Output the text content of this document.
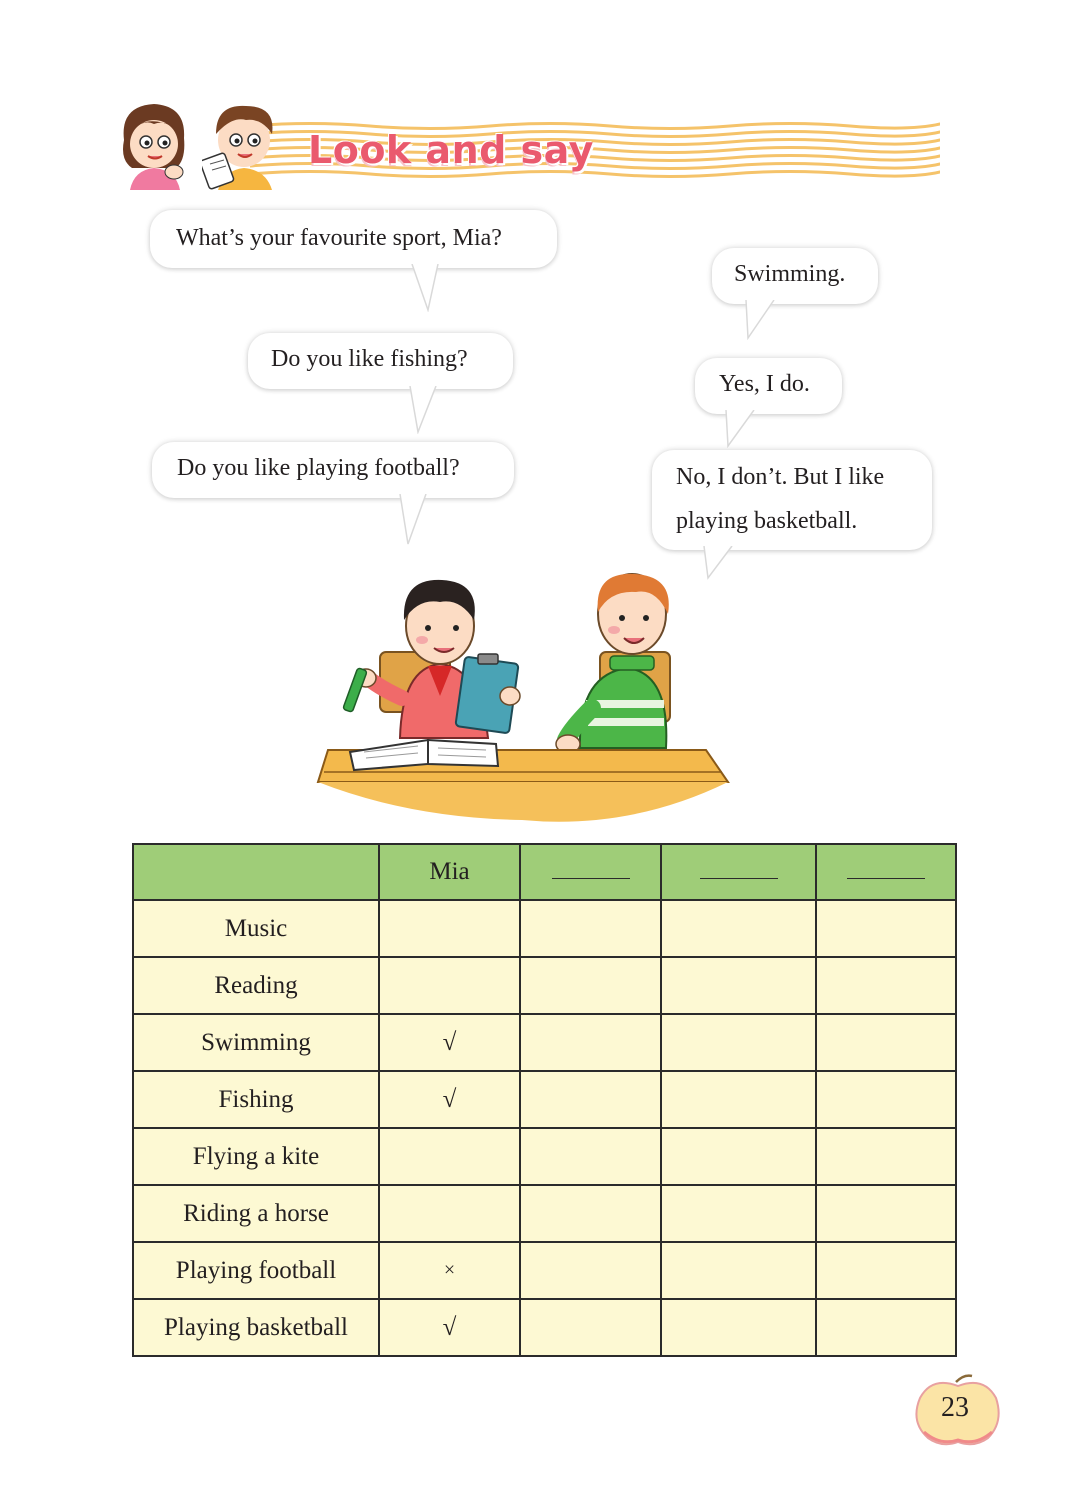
Look and say
What’s your favourite sport, Mia?
Do you like fishing?
Do you like playing football?
Swimming.
Yes, I do.
No, I don’t. But I like
playing basketball.
	Mia			
Music				
Reading				
Swimming	√			
Fishing	√			
Flying a kite				
Riding a horse				
Playing football	×			
Playing basketball	√			
23
